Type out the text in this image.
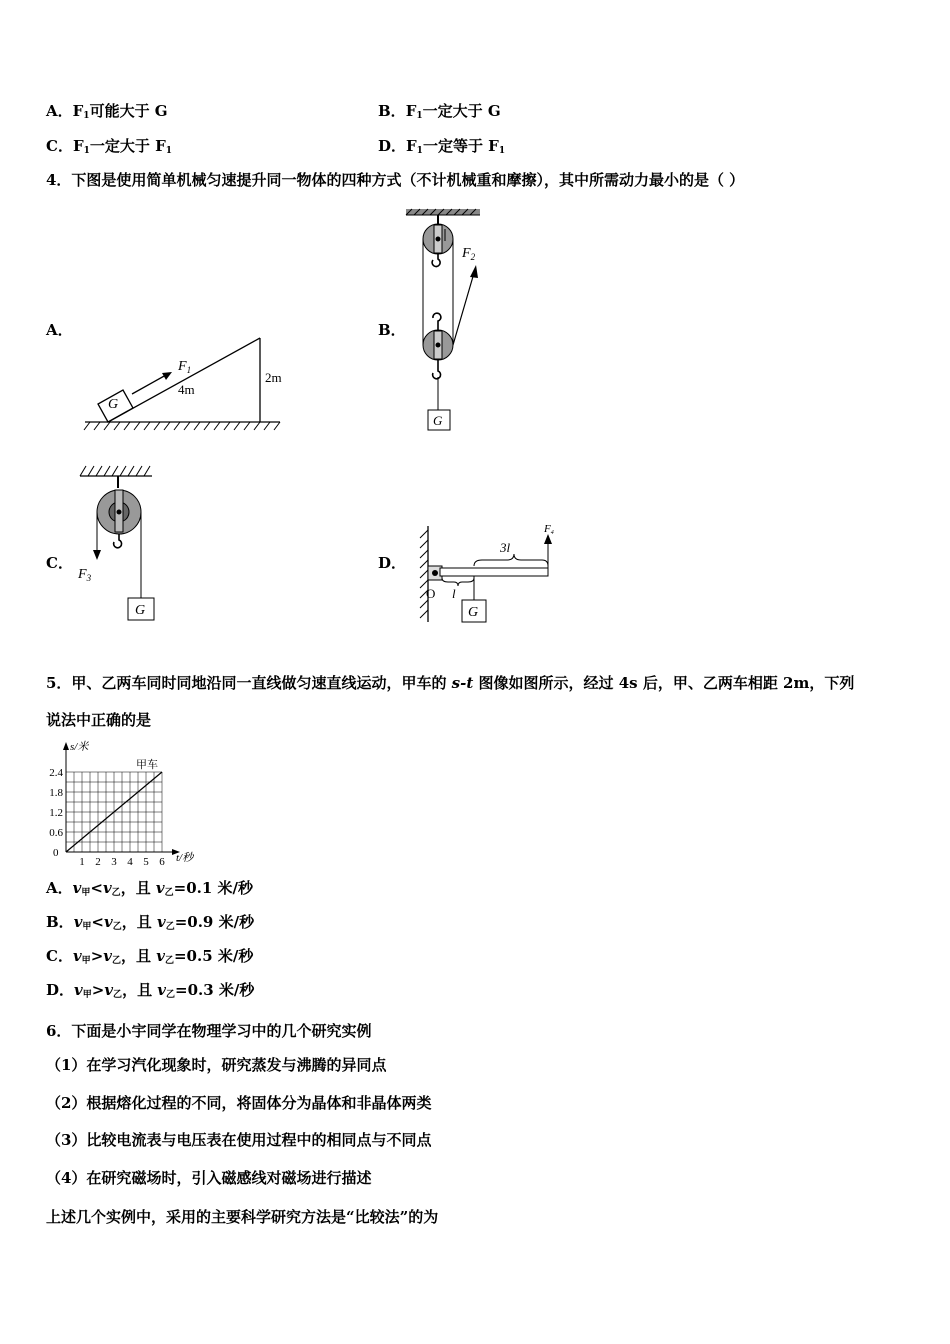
A．$F_1$可能大于 G	B．$F_1$一定大于 G
C．$F_1$一定大于 $F_1$	D．$F_1$一定等于 $F_1$
4．下图是使用简单机械匀速提升同一物体的四种方式（不计机械重和摩擦），其中所需动力最小的是（ ）
A．	B．
C．	D．
G
$F_1$
4m
2m
G
$F_2$
G
$F_3$
3l
l
O
G
F4
5．甲、乙两车同时同地沿同一直线做匀速直线运动，甲车的 s-t 图像如图所示，经过 4s 后，甲、乙两车相距 2m，下列
说法中正确的是
0.6
1.2
1.8
2.4
1 2 3 4 5 6
s/米
t/秒
甲车
0
A．$v_甲<v_乙$，且 $v_乙=0.1$ 米/秒
B．$v_甲<v_乙$，且 $v_乙=0.9$ 米/秒
C．$v_甲>v_乙$，且 $v_乙=0.5$ 米/秒
D．$v_甲>v_乙$，且 $v_乙=0.3$ 米/秒
6．下面是小宇同学在物理学习中的几个研究实例
（1）在学习汽化现象时，研究蒸发与沸腾的异同点
（2）根据熔化过程的不同，将固体分为晶体和非晶体两类
（3）比较电流表与电压表在使用过程中的相同点与不同点
（4）在研究磁场时，引入磁感线对磁场进行描述
上述几个实例中，采用的主要科学研究方法是“比较法”的为
